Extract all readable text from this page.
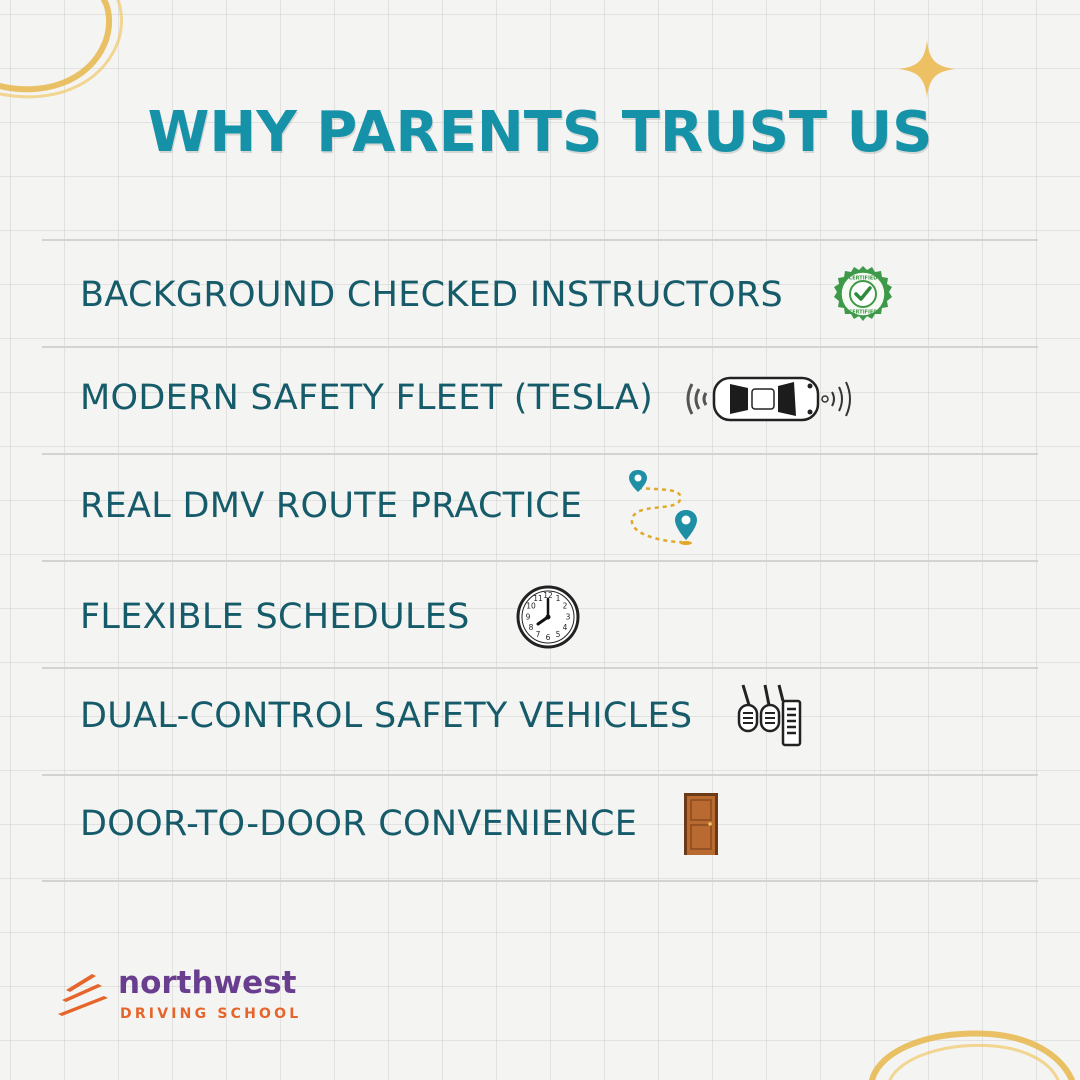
WHY PARENTS TRUST US
BACKGROUND CHECKED INSTRUCTORS	CERTIFIED
CERTIFIED
MODERN SAFETY FLEET (TESLA)
REAL DMV ROUTE PRACTICE
FLEXIBLE SCHEDULES
12 1
2
3
4
5
6
7
8
9
10
11
DUAL-CONTROL SAFETY VEHICLES
DOOR-TO-DOOR CONVENIENCE
northwest
DRIVING SCHOOL
